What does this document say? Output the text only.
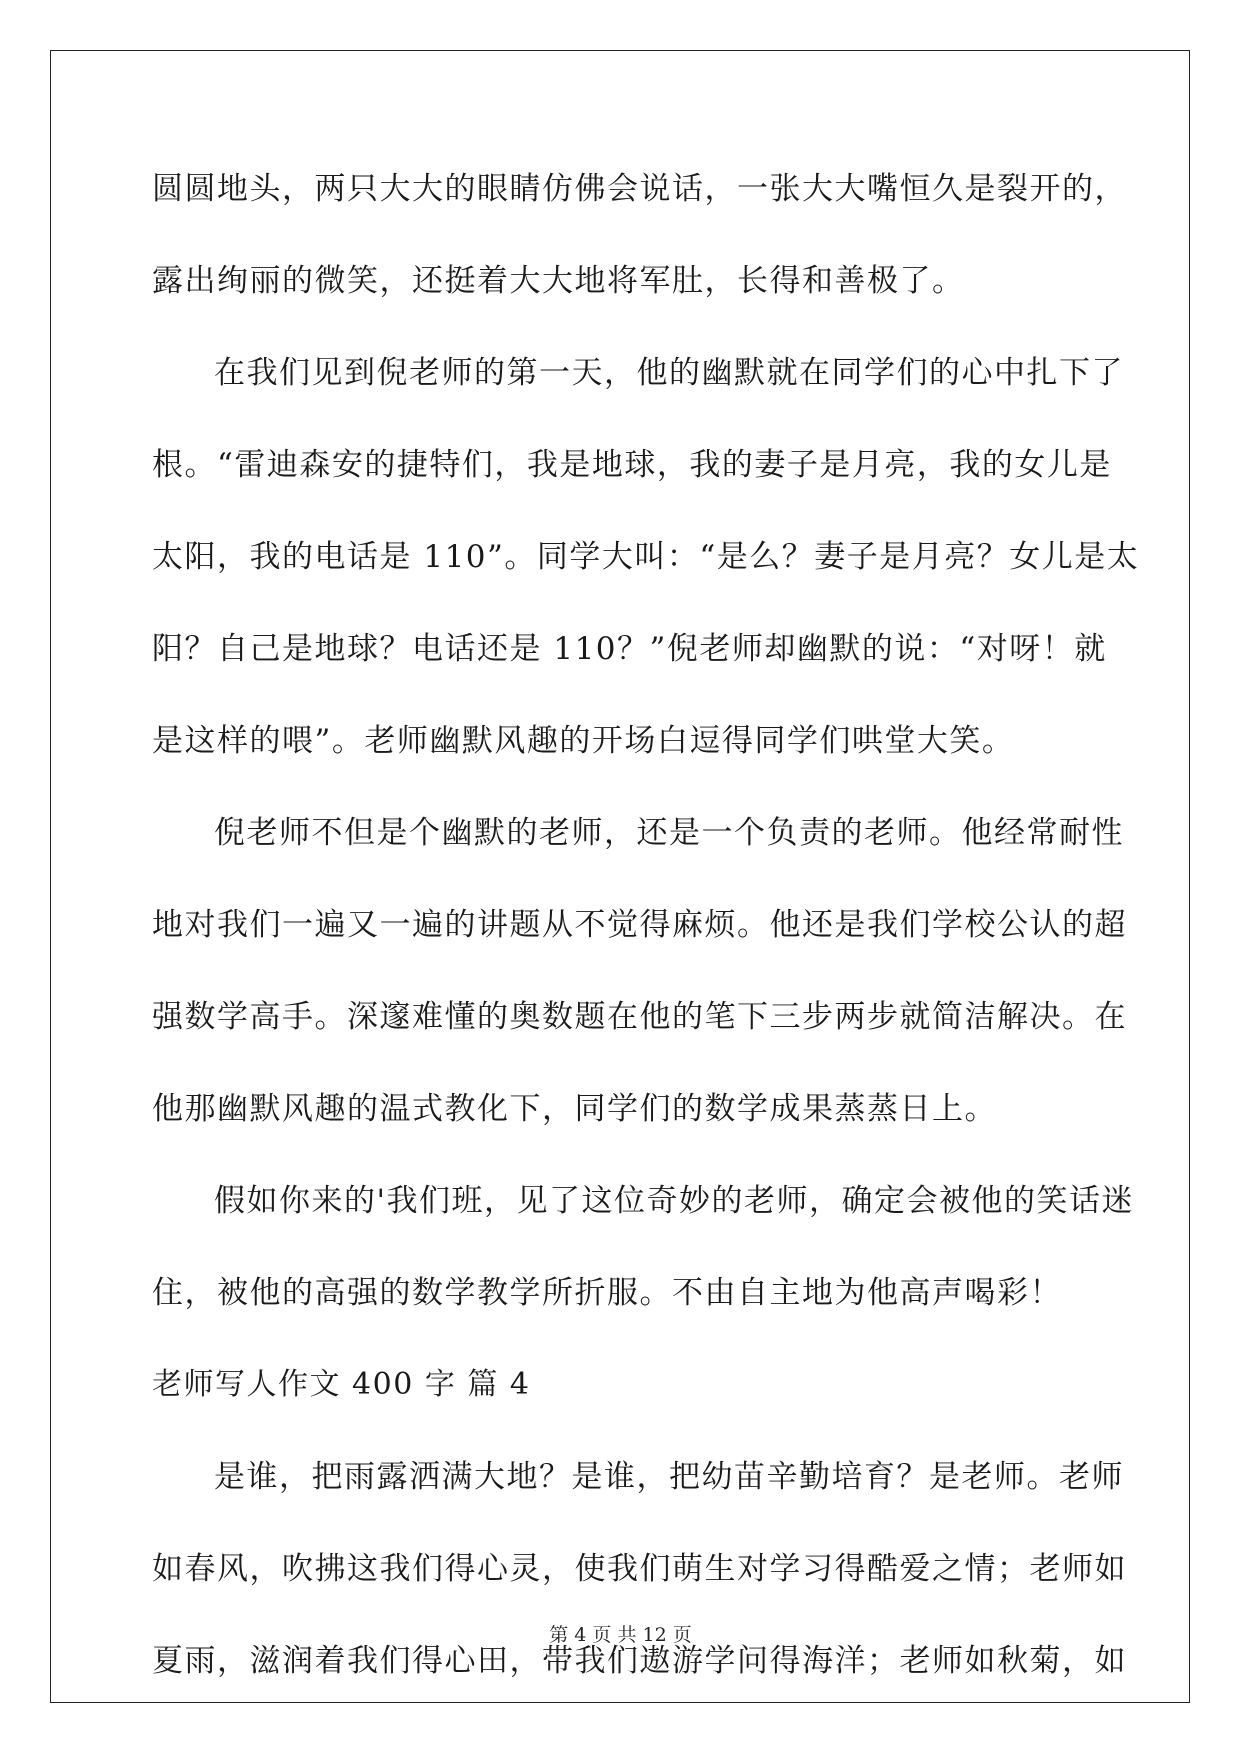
圆圆地头，两只大大的眼睛仿佛会说话，一张大大嘴恒久是裂开的，
露出绚丽的微笑，还挺着大大地将军肚，长得和善极了。
在我们见到倪老师的第一天，他的幽默就在同学们的心中扎下了
根。“雷迪森安的捷特们，我是地球，我的妻子是月亮，我的女儿是
太阳，我的电话是 110”。同学大叫：“是么？妻子是月亮？女儿是太
阳？自己是地球？电话还是 110？”倪老师却幽默的说：“对呀！就
是这样的喂”。老师幽默风趣的开场白逗得同学们哄堂大笑。
倪老师不但是个幽默的老师，还是一个负责的老师。他经常耐性
地对我们一遍又一遍的讲题从不觉得麻烦。他还是我们学校公认的超
强数学高手。深邃难懂的奥数题在他的笔下三步两步就简洁解决。在
他那幽默风趣的温式教化下，同学们的数学成果蒸蒸日上。
假如你来的'我们班，见了这位奇妙的老师，确定会被他的笑话迷
住，被他的高强的数学教学所折服。不由自主地为他高声喝彩！
老师写人作文 400 字 篇 4
是谁，把雨露洒满大地？是谁，把幼苗辛勤培育？是老师。老师
如春风，吹拂这我们得心灵，使我们萌生对学习得酷爱之情；老师如
夏雨，滋润着我们得心田，带我们遨游学问得海洋；老师如秋菊，如
第 4 页 共 12 页
